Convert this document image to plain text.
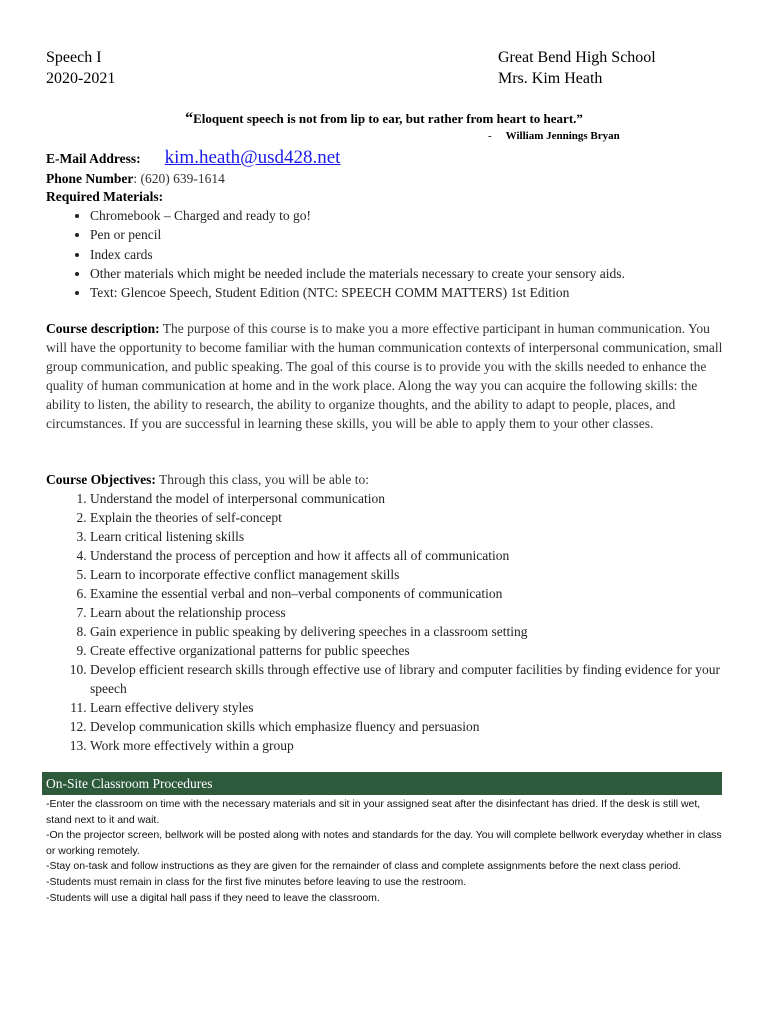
Speech I
2020-2021
Great Bend High School
Mrs. Kim Heath
“Eloquent speech is not from lip to ear, but rather from heart to heart.”
- William Jennings Bryan
E-Mail Address: kim.heath@usd428.net
Phone Number: (620) 639-1614
Required Materials:
• Chromebook – Charged and ready to go!
• Pen or pencil
• Index cards
• Other materials which might be needed include the materials necessary to create your sensory aids.
• Text: Glencoe Speech, Student Edition (NTC: SPEECH COMM MATTERS) 1st Edition
Course description: The purpose of this course is to make you a more effective participant in human communication. You will have the opportunity to become familiar with the human communication contexts of interpersonal communication, small group communication, and public speaking. The goal of this course is to provide you with the skills needed to enhance the quality of human communication at home and in the work place. Along the way you can acquire the following skills: the ability to listen, the ability to research, the ability to organize thoughts, and the ability to adapt to people, places, and circumstances. If you are successful in learning these skills, you will be able to apply them to your other classes.
Course Objectives: Through this class, you will be able to:
1. Understand the model of interpersonal communication
2. Explain the theories of self-concept
3. Learn critical listening skills
4. Understand the process of perception and how it affects all of communication
5. Learn to incorporate effective conflict management skills
6. Examine the essential verbal and non–verbal components of communication
7. Learn about the relationship process
8. Gain experience in public speaking by delivering speeches in a classroom setting
9. Create effective organizational patterns for public speeches
10. Develop efficient research skills through effective use of library and computer facilities by finding evidence for your speech
11. Learn effective delivery styles
12. Develop communication skills which emphasize fluency and persuasion
13. Work more effectively within a group
On-Site Classroom Procedures

-Enter the classroom on time with the necessary materials and sit in your assigned seat after the disinfectant has dried. If the desk is still wet, stand next to it and wait.

-On the projector screen, bellwork will be posted along with notes and standards for the day. You will complete bellwork everyday whether in class or working remotely.

-Stay on-task and follow instructions as they are given for the remainder of class and complete assignments before the next class period.

-Students must remain in class for the first five minutes before leaving to use the restroom.

-Students will use a digital hall pass if they need to leave the classroom.
